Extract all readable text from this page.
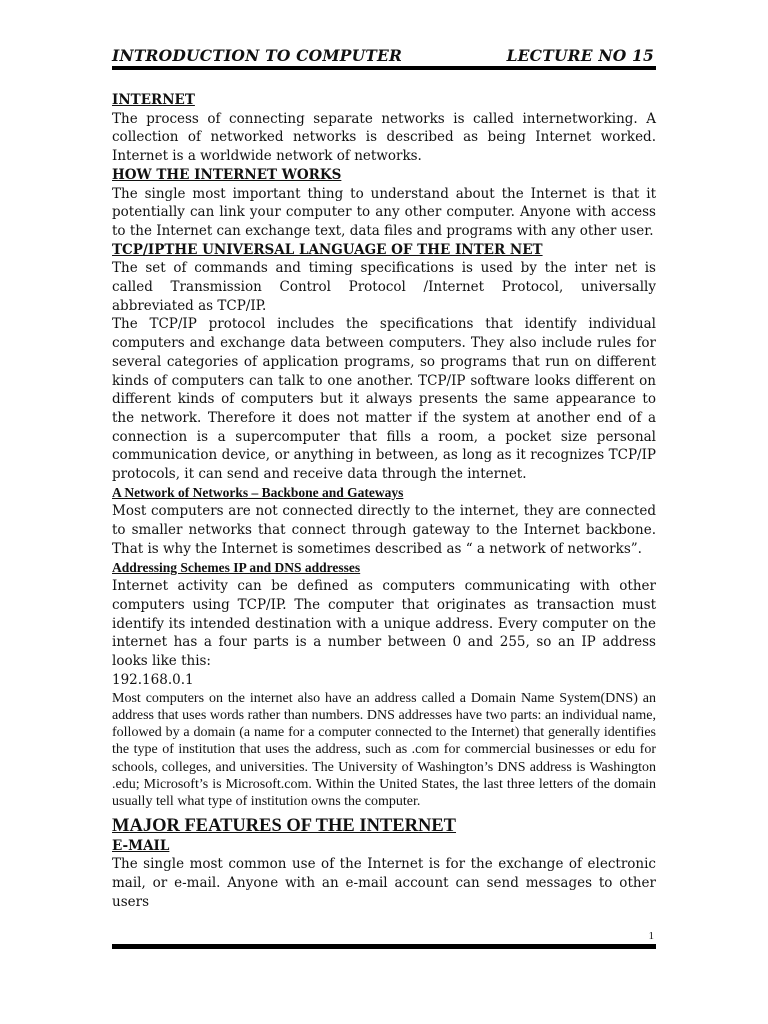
INTRODUCTION TO COMPUTER	LECTURE NO 15
INTERNET

The process of connecting separate networks is called internetworking. A collection of networked networks is described as being Internet worked. Internet is a worldwide network of networks.

HOW THE INTERNET WORKS

The single most important thing to understand about the Internet is that it potentially can link your computer to any other computer. Anyone with access to the Internet can exchange text, data files and programs with any other user.

TCP/IPTHE UNIVERSAL LANGUAGE OF THE INTER NET

The set of commands and timing specifications is used by the inter net is called Transmission Control Protocol /Internet Protocol, universally abbreviated as TCP/IP.

The TCP/IP protocol includes the specifications that identify individual computers and exchange data between computers. They also include rules for several categories of application programs, so programs that run on different kinds of computers can talk to one another. TCP/IP software looks different on different kinds of computers but it always presents the same appearance to the network. Therefore it does not matter if the system at another end of a connection is a supercomputer that fills a room, a pocket size personal communication device, or anything in between, as long as it recognizes TCP/IP protocols, it can send and receive data through the internet.

A Network of Networks – Backbone and Gateways

Most computers are not connected directly to the internet, they are connected to smaller networks that connect through gateway to the Internet backbone. That is why the Internet is sometimes described as “ a network of networks”.

Addressing Schemes IP and DNS addresses

Internet activity can be defined as computers communicating with other computers using TCP/IP. The computer that originates as transaction must identify its intended destination with a unique address. Every computer on the internet has a four parts is a number between 0 and 255, so an IP address looks like this:

192.168.0.1

Most computers on the internet also have an address called a Domain Name System(DNS) an address that uses words rather than numbers. DNS addresses have two parts: an individual name, followed by a domain (a name for a computer connected to the Internet) that generally identifies the type of institution that uses the address, such as .com for commercial businesses or edu for schools, colleges, and universities. The University of Washington’s DNS address is Washington .edu; Microsoft’s is Microsoft.com. Within the United States, the last three letters of the domain usually tell what type of institution owns the computer.

MAJOR FEATURES OF THE INTERNET
E-MAIL

The single most common use of the Internet is for the exchange of electronic mail, or e-mail. Anyone with an e-mail account can send messages to other users

1
